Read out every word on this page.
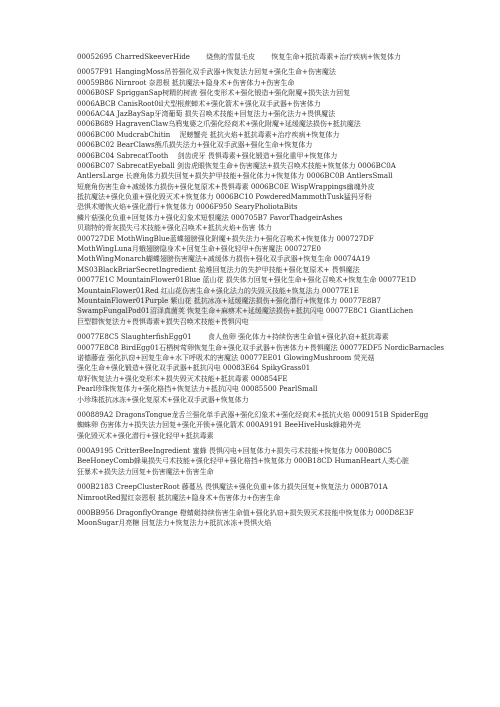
00052695 CharredSkeeverHide　　 烧焦的雪鼠毛皮　　 恢复生命+抵抗毒素+治疗疾病+恢复体力
00057F91 HangingMoss吊苔强化双手武器+恢复法力回复+强化生命+伤害魔法
00059B86 Nirnroot 奈恩根 抵抗魔法+隐身术+伤害体力+伤害生命
0006B0SF SprigganSap树精的树液 强化变形术+强化锻造+强化附魔+损失法力回复
0006ABCB CanisRoot0il犬型根蔗蝉术+强化箭术+强化双手武器+伤害体力
0006AC4A JazBaySap牙湾葡萄 损失召唤术技能+回复法力+强化法力+畏惧魔法
0006B689 HagravenClaw乌鸦鬼婆之爪强化经商术+强化附魔+延缓魔法损伤+抵抗魔法
0006BC00 MudcrabChitin　 泥螃蟹壳 抵抗火焰+抵抗毒素+治疗疾病+恢复体力
0006BC02 BearClaws熊爪损失法力+强化双手武器+强化生命+恢复体力
0006BC04 SabrecatTooth　 剑齿虎牙 畏惧毒素+强化锻造+强化重甲+恢复体力
0006BC07 SabrecatEyeball 剑齿虎眼恢复生命+伤害魔法+损失召唤术技能+恢复体力 0006BC0A
AntlersLarge 长鹿角体力损失回复+损失护甲技能+强化体力+恢复体力 0006BC0B AntlersSmall
短鹿角伤害生命+减缓体力损伤+强化复原术+畏惧毒素 0006BC0E WispWrappings幽魂外皮
抵抗魔法+强化负重+强化毁灭术+恢复体力 0006BC10 PowderedMammothTusk猛犸牙粉
恐惧术赠恢火焰+强化潜行+恢复体力 0006F950 SearyPholiotaBits
鳞片菇强化负重+回复体力+强化幻象术短恨魔法 000705B7 FavorThadgeirAshes
贝瑞特的骨灰损失弓术技能+强化召唤术+抵抗火焰+伤害 体力
000727DE MothWingBlue蓝蝶翅膀强化附魔+损失法力+强化召唤术+恢复体力 000727DF
MothWingLuna月蛾翅膀隐身术+回复生命+强化轻甲+伤害魔法 000727E0
MothWingMonarch蝴蝶翅膀伤害魔法+减缓体力损伤+强化双手武器+恢复生命 00074A19
MS03BlackBriarSecretIngredient 盐堆回复法力的失护甲技能+强化复原术+ 畏惧魔法
00077E1C MountainFlower01Blue 蓝山花 损失体力回复+强化生命+强化召唤术+恢复生命 00077E1D
MountainFlower01Red 红山花伤害生命+强化法力的失毁灭技能+恢复法力 00077E1E
MountainFlower01Purple 紫山花 抵抗冰冻+延缓魔法损伤+强化潜行+恢复体力 00077E8B7
SwampFungalPod01沼泽真菌荚 恢复生命+麻痹术+延缓魔法损伤+抵抗闪电 00077E8C1 GiantLichen
巨型群恢复法力+畏惧毒素+损失召唤术技能+畏惧闪电
00077E8C5 SlaughterfishEgg01　　 食人鱼卵 强化体力+持续伤害生命值+强化扒窃+抵抗毒素
00077E8C8 BirdEgg01石栖树莺卵恢复生命+强化双手武器+伤害体力+畏惧魔法 00077EDF5 NordicBarnacles
诺德藤壶 强化扒窃+回复生命+水下呼吸术的害魔法 00077EE01 GlowingMushroom 荧光菇
强化生命+强化锻造+强化双手武器+抵抗闪电 00083E64 SpikyGrass01
草籽恢复法力+强化变形术+损失毁灭术技能+抵抗毒素 000854FE
Pearl珍珠恢复体力+强化格挡+恢复法力+抵抗闪电 00085500 PearlSmall
小珍珠抵抗冰冻+强化复原术+强化双手武器+恢复体力
000889A2 DragonsTongue龙舌兰强化单手武器+强化幻象术+强化经商术+抵抗火焰 0009151B SpiderEgg
蜘蛛卵 伤害体力+损失法力回复+强化开锁+强化箭术 000A9191 BeeHiveHusk蜂箱外壳
强化毁灭术+强化潜行+强化轻甲+抵抗毒素
000A9195 CritterBeeIngredient 蜜蜂 畏惧闪电+回复体力+损失弓术技能+恢复体力 000B08C5
BeeHoneyComb蜂巢损失弓术技能+强化轻甲+强化格挡+恢复体力 000B18CD HumanHeart人类心脏
狂暴术+损失法力回复+伤害魔法+伤害生命
000B2183 CreepClusterRoot 藤蔓丛 畏惧魔法+强化负重+体力损失回复+恢复法力 000B701A
NimrootRed猩红奈恩根 抵抗魔法+隐身术+伤害体力+伤害生命
000BB956 DragonflyOrange 橙蜻蜓持续伤害生命值+强化扒窃+损失毁灭术技能中恢复体力 000D8E3F
MoonSugar月亮糖 回复法力+恢复法力+抵抗冰冻+畏惧火焰
